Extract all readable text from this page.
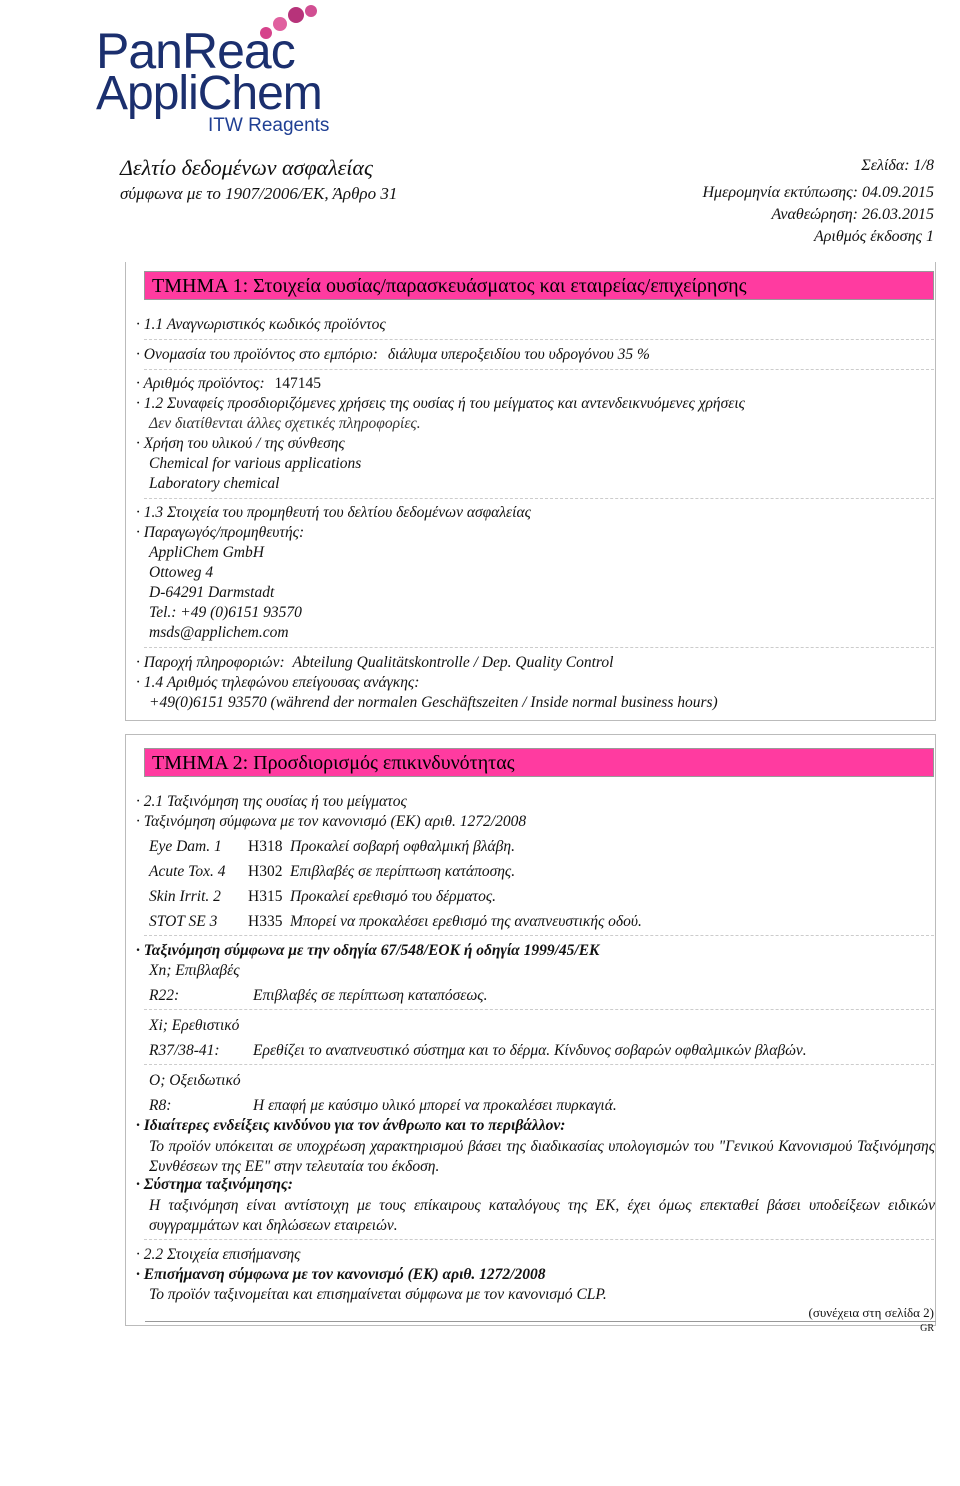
PanReac
AppliChem
ITW Reagents
Δελτίο δεδομένων ασφαλείας
σύμφωνα με το 1907/2006/ΕΚ, Άρθρο 31
Σελίδα: 1/8
Ημερομηνία εκτύπωσης: 04.09.2015
Αναθεώρηση: 26.03.2015
Αριθμός έκδοσης 1
ΤΜΗΜΑ 1: Στοιχεία ουσίας/παρασκευάσματος και εταιρείας/επιχείρησης
· 1.1 Αναγνωριστικός κωδικός προϊόντος
· Ονομασία του προϊόντος στο εμπόριο: διάλυμα υπεροξειδίου του υδρογόνου 35 %
· Αριθμός προϊόντος: 147145
· 1.2 Συναφείς προσδιοριζόμενες χρήσεις της ουσίας ή του μείγματος και αντενδεικνυόμενες χρήσεις
Δεν διατίθενται άλλες σχετικές πληροφορίες.
· Χρήση του υλικού / της σύνθεσης
Chemical for various applications
Laboratory chemical
· 1.3 Στοιχεία του προμηθευτή του δελτίου δεδομένων ασφαλείας
· Παραγωγός/προμηθευτής:
AppliChem GmbH
Ottoweg 4
D-64291 Darmstadt
Tel.: +49 (0)6151 93570
msds@applichem.com
· Παροχή πληροφοριών: Abteilung Qualitätskontrolle / Dep. Quality Control
· 1.4 Αριθμός τηλεφώνου επείγουσας ανάγκης:
+49(0)6151 93570 (während der normalen Geschäftszeiten / Inside normal business hours)
ΤΜΗΜΑ 2: Προσδιορισμός επικινδυνότητας
· 2.1 Ταξινόμηση της ουσίας ή του μείγματος
· Ταξινόμηση σύμφωνα με τον κανονισμό (ΕΚ) αριθ. 1272/2008
Eye Dam. 1 H318 Προκαλεί σοβαρή οφθαλμική βλάβη.
Acute Tox. 4 H302 Επιβλαβές σε περίπτωση κατάποσης.
Skin Irrit. 2 H315 Προκαλεί ερεθισμό του δέρματος.
STOT SE 3 H335 Μπορεί να προκαλέσει ερεθισμό της αναπνευστικής οδού.
· Ταξινόμηση σύμφωνα με την οδηγία 67/548/ΕΟΚ ή οδηγία 1999/45/ΕΚ
Xn; Επιβλαβές
R22:	Επιβλαβές σε περίπτωση καταπόσεως.
Xi; Ερεθιστικό
R37/38-41: Ερεθίζει το αναπνευστικό σύστημα και το δέρμα. Κίνδυνος σοβαρών οφθαλμικών βλαβών.
O; Οξειδωτικό
R8:	Η επαφή με καύσιμο υλικό μπορεί να προκαλέσει πυρκαγιά.
· Ιδιαίτερες ενδείξεις κινδύνου για τον άνθρωπο και το περιβάλλον:
Το προϊόν υπόκειται σε υποχρέωση χαρακτηρισμού βάσει της διαδικασίας υπολογισμών του "Γενικού Κανονισμού Ταξινόμησης Συνθέσεων της ΕΕ" στην τελευταία του έκδοση.
· Σύστημα ταξινόμησης:
Η ταξινόμηση είναι αντίστοιχη με τους επίκαιρους καταλόγους της ΕΚ, έχει όμως επεκταθεί βάσει υποδείξεων ειδικών συγγραμμάτων και δηλώσεων εταιρειών.
· 2.2 Στοιχεία επισήμανσης
· Επισήμανση σύμφωνα με τον κανονισμό (ΕΚ) αριθ. 1272/2008
Το προϊόν ταξινομείται και επισημαίνεται σύμφωνα με τον κανονισμό CLP.
(συνέχεια στη σελίδα 2)
GR
